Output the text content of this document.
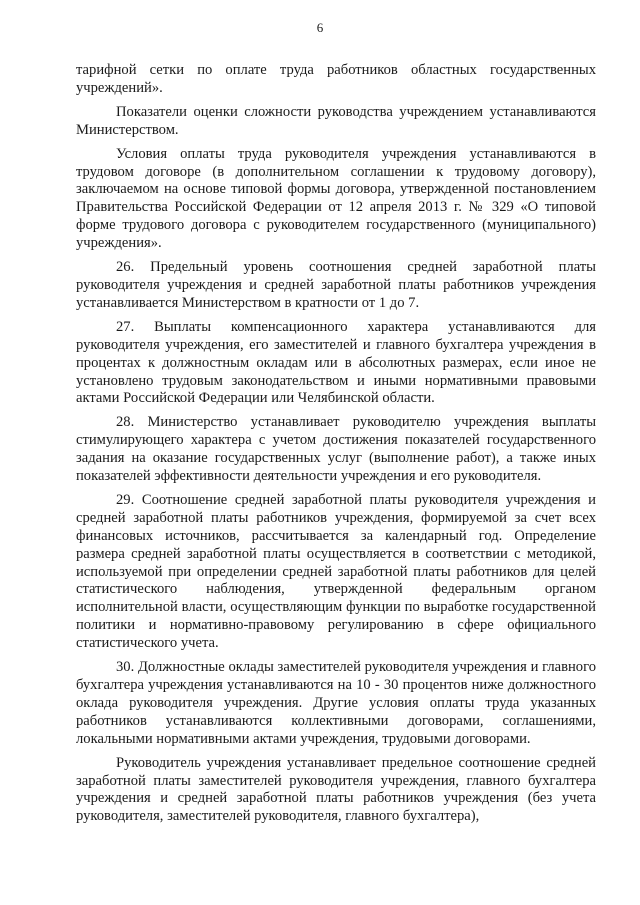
6

тарифной сетки по оплате труда работников областных государственных учреждений».

Показатели оценки сложности руководства учреждением устанавливаются Министерством.

Условия оплаты труда руководителя учреждения устанавливаются в трудовом договоре (в дополнительном соглашении к трудовому договору), заключаемом на основе типовой формы договора, утвержденной постановлением Правительства Российской Федерации от 12 апреля 2013 г. № 329 «О типовой форме трудового договора с руководителем государственного (муниципального) учреждения».

26. Предельный уровень соотношения средней заработной платы руководителя учреждения и средней заработной платы работников учреждения устанавливается Министерством в кратности от 1 до 7.

27. Выплаты компенсационного характера устанавливаются для руководителя учреждения, его заместителей и главного бухгалтера учреждения в процентах к должностным окладам или в абсолютных размерах, если иное не установлено трудовым законодательством и иными нормативными правовыми актами Российской Федерации или Челябинской области.

28. Министерство устанавливает руководителю учреждения выплаты стимулирующего характера с учетом достижения показателей государственного задания на оказание государственных услуг (выполнение работ), а также иных показателей эффективности деятельности учреждения и его руководителя.

29. Соотношение средней заработной платы руководителя учреждения и средней заработной платы работников учреждения, формируемой за счет всех финансовых источников, рассчитывается за календарный год. Определение размера средней заработной платы осуществляется в соответствии с методикой, используемой при определении средней заработной платы работников для целей статистического наблюдения, утвержденной федеральным органом исполнительной власти, осуществляющим функции по выработке государственной политики и нормативно-правовому регулированию в сфере официального статистического учета.

30. Должностные оклады заместителей руководителя учреждения и главного бухгалтера учреждения устанавливаются на 10 - 30 процентов ниже должностного оклада руководителя учреждения. Другие условия оплаты труда указанных работников устанавливаются коллективными договорами, соглашениями, локальными нормативными актами учреждения, трудовыми договорами.

Руководитель учреждения устанавливает предельное соотношение средней заработной платы заместителей руководителя учреждения, главного бухгалтера учреждения и средней заработной платы работников учреждения (без учета руководителя, заместителей руководителя, главного бухгалтера),
